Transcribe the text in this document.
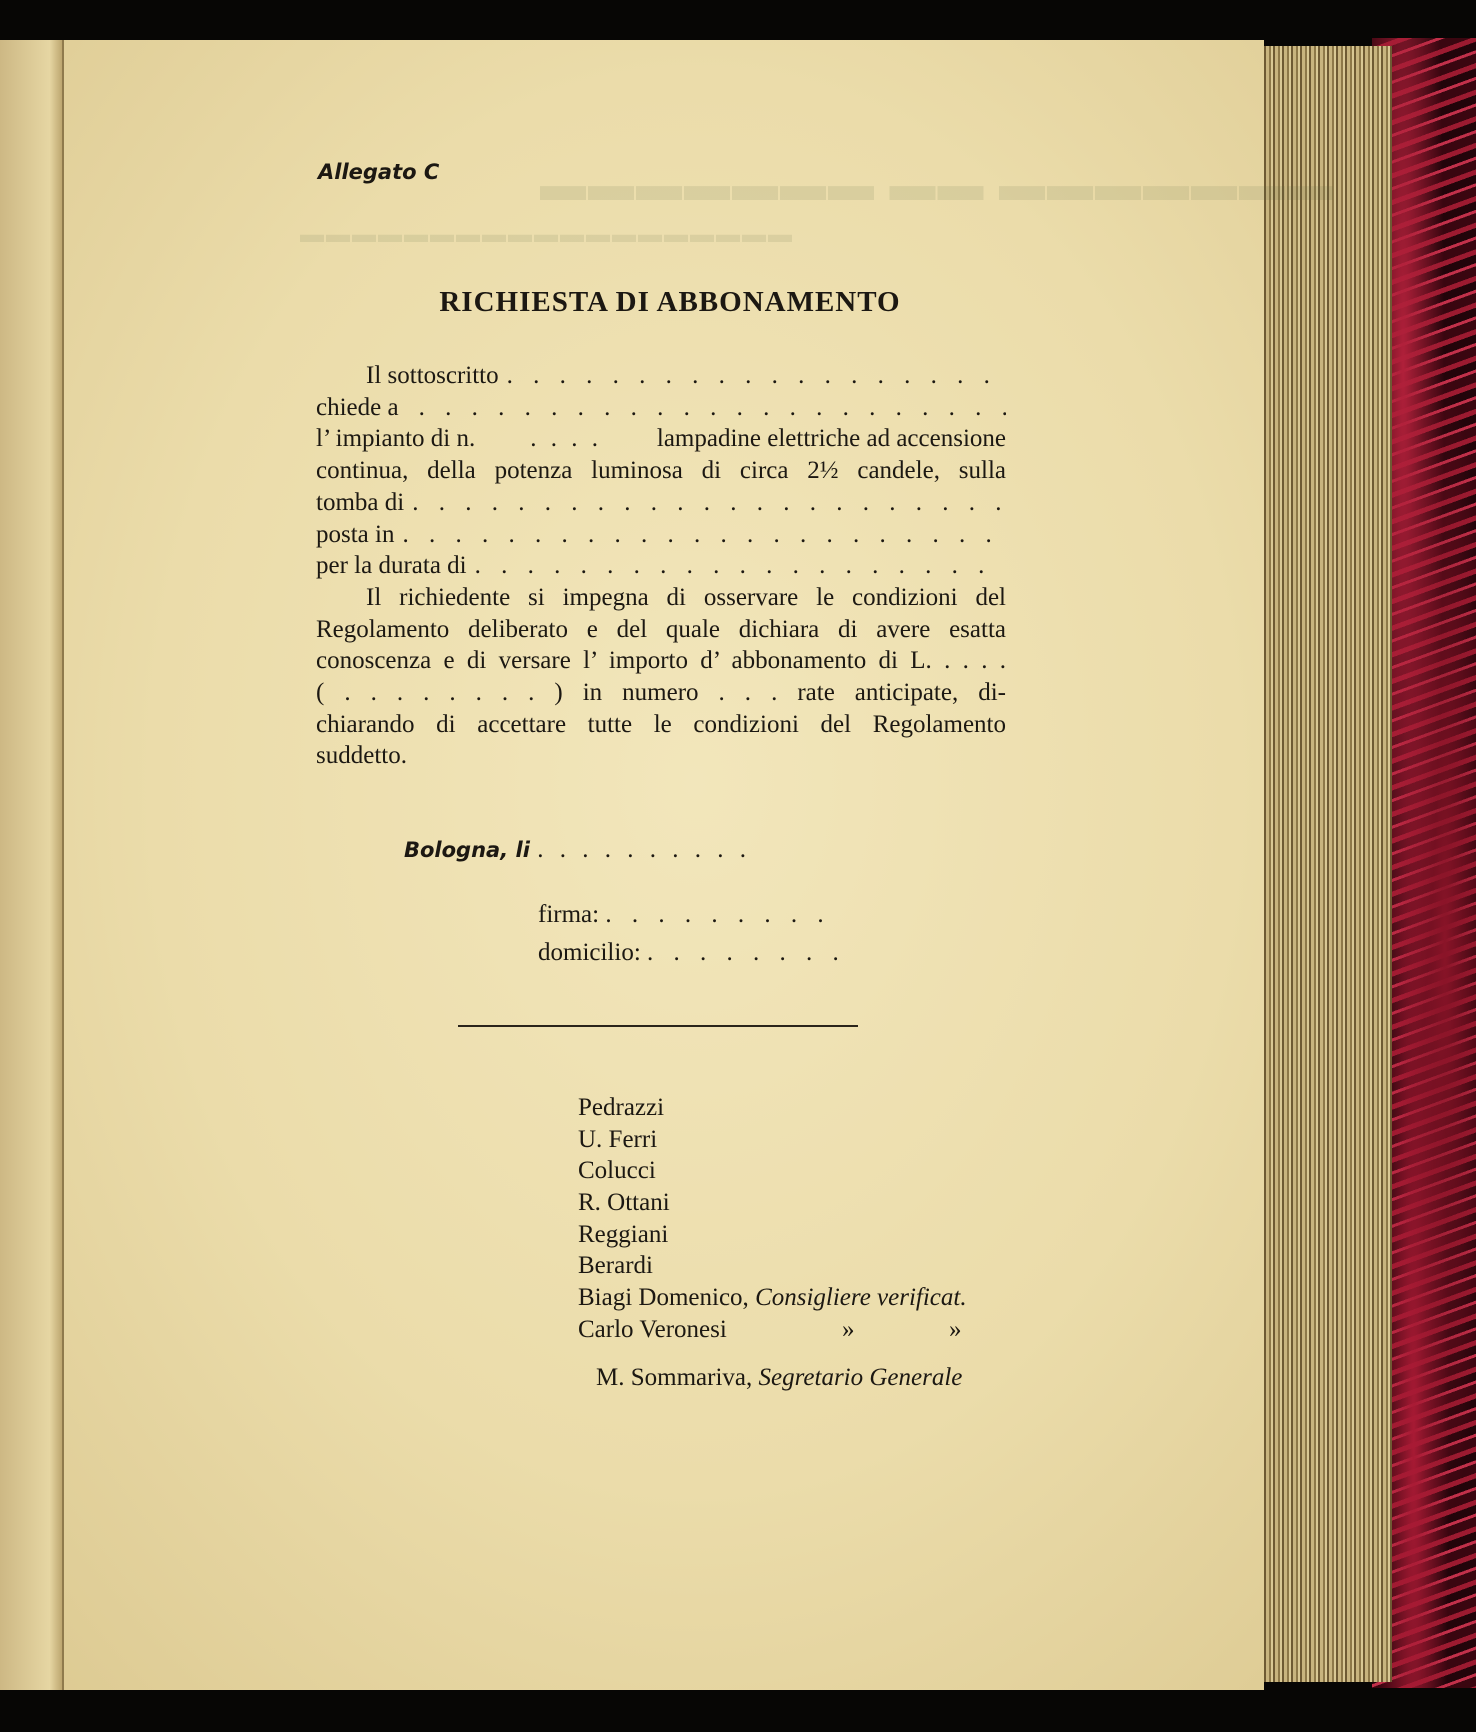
▬▬▬▬▬▬▬ ▬▬ ▬▬▬▬▬▬▬
▬▬▬▬▬▬▬▬▬▬▬▬▬▬▬▬▬▬▬
Allegato C
RICHIESTA DI ABBONAMENTO
Il sottoscritto
. . .
chiede a
. . .
l’ impianto di n. . . . . lampadine elettriche ad accensione
continua, della potenza luminosa di circa 2½ candele, sulla
tomba di
. . .
posta in
. . .
per la durata di
. . .
Il richiedente si impegna di osservare le condizioni del
Regolamento deliberato e del quale dichiara di avere esatta
conoscenza e di versare l’ importo d’ abbonamento di L. . . . .
( . . . . . . . . ) in numero . . . rate anticipate, di-
chiarando di accettare tutte le condizioni del Regolamento
suddetto.
Bologna, li . . . . . . . . . .
firma: . . . . . . . . .
domicilio: . . . . . . . .
Pedrazzi
U. Ferri
Colucci
R. Ottani
Reggiani
Berardi
Biagi Domenico, Consigliere verificat.
Carlo Veronesi	»	»
M. Sommariva, Segretario Generale
